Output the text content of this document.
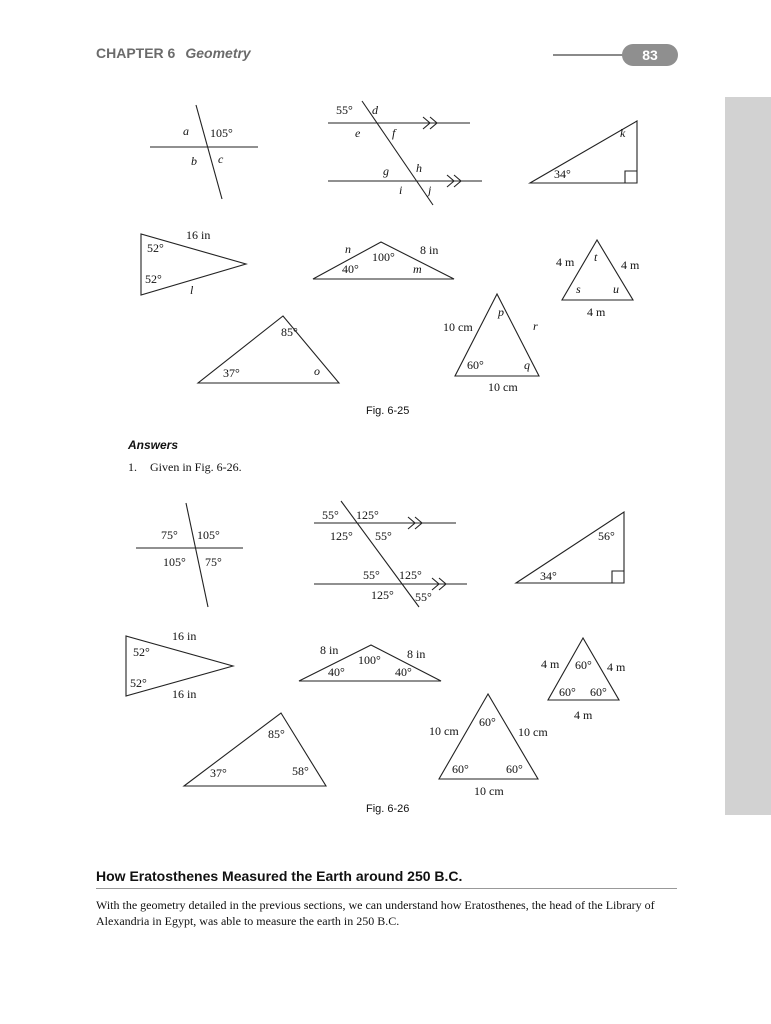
CHAPTER 6 Geometry	83
a 105°
b c
55° d
e	f
g h
i j
k
34°
16 in
52°
52°
l
n
100° 8 in
40°	m	4 m t
4 m
s	u
4 m
85°
37°	o
p
10 cm	r
60°	q
10 cm
Fig. 6-25
Answers
1. Given in Fig. 6-26.
75° 105°
105° 75°
55° 125°
125° 55°
55° 125°
125° 55°
56°
34°
16 in
52°
52°
16 in
8 in
100° 8 in
40°	40°
4 m 60° 4 m
60° 60°
4 m
85°
37°	58°
60°
10 cm	10 cm
60°	60°
10 cm
Fig. 6-26
How Eratosthenes Measured the Earth around 250 B.C.
With the geometry detailed in the previous sections, we can understand how Eratosthenes, the head of the Library of Alexandria in Egypt, was able to measure the earth in 250 B.C.
